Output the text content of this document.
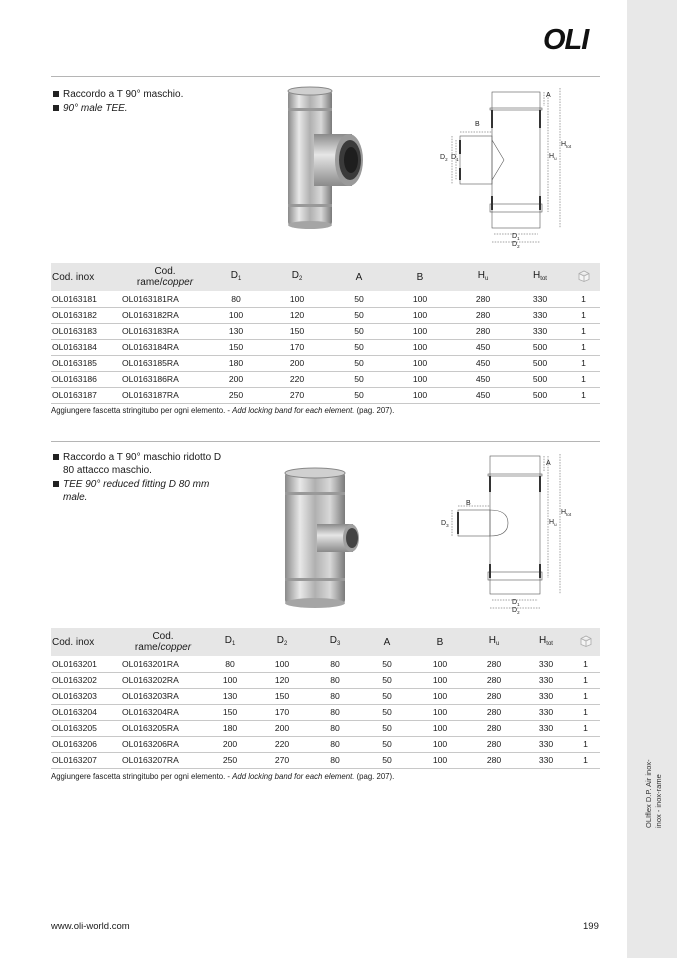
OLIflex D.P. Air inox-
inox - inox-rame
OLI
Raccordo a T 90° maschio.
90° male TEE.
A
B
$H_u$
$H_{tot}$
$D_2$ $D_1$
$D_1$
$D_2$
Cod. inox	Cod.
rame/copper	$D_1$	$D_2$	A	B	$H_u$	$H_{tot}$	
OL0163181	OL0163181RA	80	100	50	100	280	330	1
OL0163182	OL0163182RA	100	120	50	100	280	330	1
OL0163183	OL0163183RA	130	150	50	100	280	330	1
OL0163184	OL0163184RA	150	170	50	100	450	500	1
OL0163185	OL0163185RA	180	200	50	100	450	500	1
OL0163186	OL0163186RA	200	220	50	100	450	500	1
OL0163187	OL0163187RA	250	270	50	100	450	500	1
Aggiungere fascetta stringitubo per ogni elemento. - Add locking band for each element. (pag. 207).
Raccordo a T 90° maschio ridotto D 80 attacco maschio.
TEE 90° reduced fitting D 80 mm male.
A
B
$H_u$
$H_{tot}$
$D_3$
$D_1$
$D_2$
Cod. inox	Cod.
rame/copper	$D_1$	$D_2$	$D_3$	A	B	$H_u$	$H_{tot}$	
OL0163201	OL0163201RA	80	100	80	50	100	280	330	1
OL0163202	OL0163202RA	100	120	80	50	100	280	330	1
OL0163203	OL0163203RA	130	150	80	50	100	280	330	1
OL0163204	OL0163204RA	150	170	80	50	100	280	330	1
OL0163205	OL0163205RA	180	200	80	50	100	280	330	1
OL0163206	OL0163206RA	200	220	80	50	100	280	330	1
OL0163207	OL0163207RA	250	270	80	50	100	280	330	1
Aggiungere fascetta stringitubo per ogni elemento. - Add locking band for each element. (pag. 207).
www.oli-world.com	199
